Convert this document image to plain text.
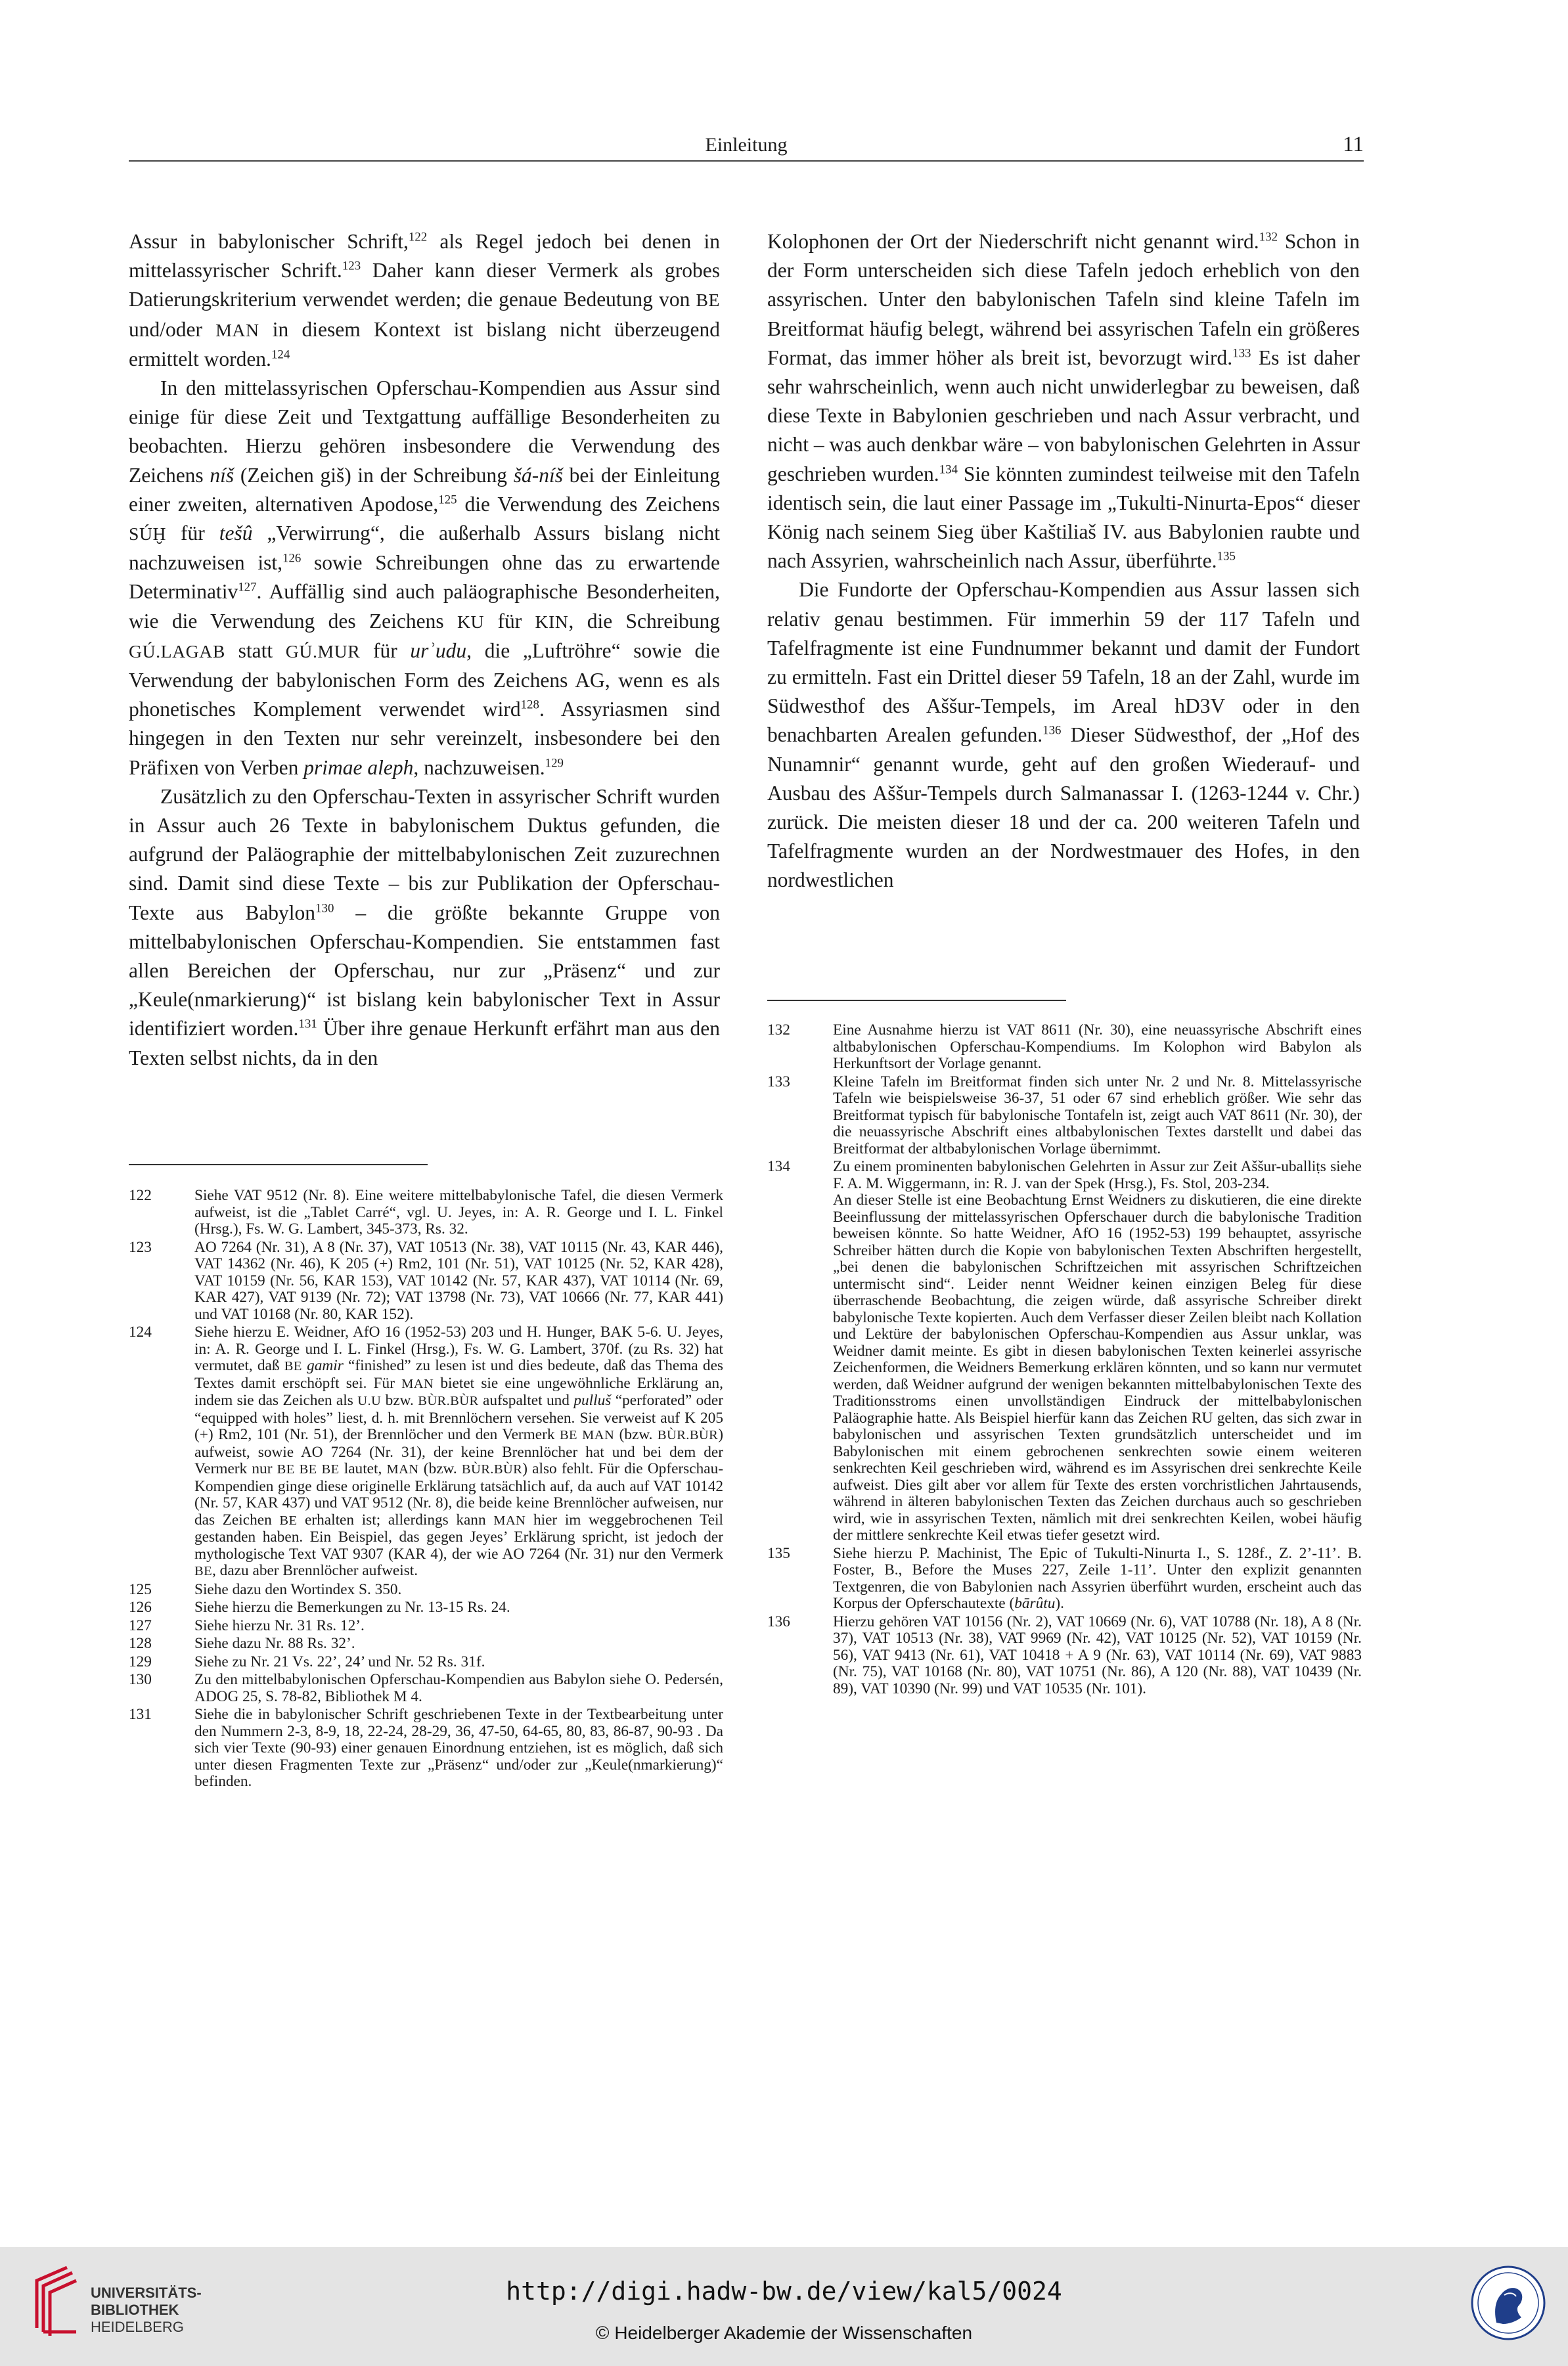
Einleitung	11

Assur in babylonischer Schrift,$^{122}$ als Regel jedoch bei denen in mittelassyrischer Schrift.$^{123}$ Daher kann dieser Vermerk als grobes Datierungskriterium verwendet werden; die genaue Bedeutung von BE und/oder MAN in diesem Kontext ist bislang nicht überzeugend ermittelt worden.$^{124}$

In den mittelassyrischen Opferschau-Kompendien aus Assur sind einige für diese Zeit und Textgattung auffällige Besonderheiten zu beobachten. Hierzu gehören insbesondere die Verwendung des Zeichens níš (Zeichen giš) in der Schreibung šá-níš bei der Einleitung einer zweiten, alternativen Apodose,$^{125}$ die Verwendung des Zeichens SÚḪ für tešû „Verwirrung“, die außerhalb Assurs bislang nicht nachzuweisen ist,$^{126}$ sowie Schreibungen ohne das zu erwartende Determinativ$^{127}$. Auffällig sind auch paläographische Besonderheiten, wie die Verwendung des Zeichens KU für KIN, die Schreibung GÚ.LAGAB statt GÚ.MUR für urʾudu, die „Luftröhre“ sowie die Verwendung der babylonischen Form des Zeichens AG, wenn es als phonetisches Komplement verwendet wird$^{128}$. Assyriasmen sind hingegen in den Texten nur sehr vereinzelt, insbesondere bei den Präfixen von Verben primae aleph, nachzuweisen.$^{129}$

Zusätzlich zu den Opferschau-Texten in assyrischer Schrift wurden in Assur auch 26 Texte in babylonischem Duktus gefunden, die aufgrund der Paläographie der mittelbabylonischen Zeit zuzurechnen sind. Damit sind diese Texte – bis zur Publikation der Opferschau-Texte aus Babylon$^{130}$ – die größte bekannte Gruppe von mittelbabylonischen Opferschau-Kompendien. Sie entstammen fast allen Bereichen der Opferschau, nur zur „Präsenz“ und zur „Keule(nmarkierung)“ ist bislang kein babylonischer Text in Assur identifiziert worden.$^{131}$ Über ihre genaue Herkunft erfährt man aus den Texten selbst nichts, da in den

Kolophonen der Ort der Niederschrift nicht genannt wird.$^{132}$ Schon in der Form unterscheiden sich diese Tafeln jedoch erheblich von den assyrischen. Unter den babylonischen Tafeln sind kleine Tafeln im Breitformat häufig belegt, während bei assyrischen Tafeln ein größeres Format, das immer höher als breit ist, bevorzugt wird.$^{133}$ Es ist daher sehr wahrscheinlich, wenn auch nicht unwiderlegbar zu beweisen, daß diese Texte in Babylonien geschrieben und nach Assur verbracht, und nicht – was auch denkbar wäre – von babylonischen Gelehrten in Assur geschrieben wurden.$^{134}$ Sie könnten zumindest teilweise mit den Tafeln identisch sein, die laut einer Passage im „Tukulti-Ninurta-Epos“ dieser König nach seinem Sieg über Kaštiliaš IV. aus Babylonien raubte und nach Assyrien, wahrscheinlich nach Assur, überführte.$^{135}$

Die Fundorte der Opferschau-Kompendien aus Assur lassen sich relativ genau bestimmen. Für immerhin 59 der 117 Tafeln und Tafelfragmente ist eine Fundnummer bekannt und damit der Fundort zu ermitteln. Fast ein Drittel dieser 59 Tafeln, 18 an der Zahl, wurde im Südwesthof des Aššur-Tempels, im Areal hD3V oder in den benachbarten Arealen gefunden.$^{136}$ Dieser Südwesthof, der „Hof des Nunamnir“ genannt wurde, geht auf den großen Wiederauf- und Ausbau des Aššur-Tempels durch Salmanassar I. (1263-1244 v. Chr.) zurück. Die meisten dieser 18 und der ca. 200 weiteren Tafeln und Tafelfragmente wurden an der Nordwestmauer des Hofes, in den nordwestlichen

122	Siehe VAT 9512 (Nr. 8). Eine weitere mittelbabylonische Tafel, die diesen Vermerk aufweist, ist die „Tablet Carré“, vgl. U. Jeyes, in: A. R. George und I. L. Finkel (Hrsg.), Fs. W. G. Lambert, 345-373, Rs. 32.

123	AO 7264 (Nr. 31), A 8 (Nr. 37), VAT 10513 (Nr. 38), VAT 10115 (Nr. 43, KAR 446), VAT 14362 (Nr. 46), K 205 (+) Rm2, 101 (Nr. 51), VAT 10125 (Nr. 52, KAR 428), VAT 10159 (Nr. 56, KAR 153), VAT 10142 (Nr. 57, KAR 437), VAT 10114 (Nr. 69, KAR 427), VAT 9139 (Nr. 72); VAT 13798 (Nr. 73), VAT 10666 (Nr. 77, KAR 441) und VAT 10168 (Nr. 80, KAR 152).

124	Siehe hierzu E. Weidner, AfO 16 (1952-53) 203 und H. Hunger, BAK 5-6. U. Jeyes, in: A. R. George und I. L. Finkel (Hrsg.), Fs. W. G. Lambert, 370f. (zu Rs. 32) hat vermutet, daß BE gamir “finished” zu lesen ist und dies bedeute, daß das Thema des Textes damit erschöpft sei. Für MAN bietet sie eine ungewöhnliche Erklärung an, indem sie das Zeichen als U.U bzw. BÙR.BÙR aufspaltet und pulluš “perforated” oder “equipped with holes” liest, d. h. mit Brennlöchern versehen. Sie verweist auf K 205 (+) Rm2, 101 (Nr. 51), der Brennlöcher und den Vermerk BE MAN (bzw. BÙR.BÙR) aufweist, sowie AO 7264 (Nr. 31), der keine Brennlöcher hat und bei dem der Vermerk nur BE BE BE lautet, MAN (bzw. BÙR.BÙR) also fehlt. Für die Opferschau-Kompendien ginge diese originelle Erklärung tatsächlich auf, da auch auf VAT 10142 (Nr. 57, KAR 437) und VAT 9512 (Nr. 8), die beide keine Brennlöcher aufweisen, nur das Zeichen BE erhalten ist; allerdings kann MAN hier im weggebrochenen Teil gestanden haben. Ein Beispiel, das gegen Jeyes’ Erklärung spricht, ist jedoch der mythologische Text VAT 9307 (KAR 4), der wie AO 7264 (Nr. 31) nur den Vermerk BE, dazu aber Brennlöcher aufweist.

125	Siehe dazu den Wortindex S. 350.

126	Siehe hierzu die Bemerkungen zu Nr. 13-15 Rs. 24.

127	Siehe hierzu Nr. 31 Rs. 12’.

128	Siehe dazu Nr. 88 Rs. 32’.

129	Siehe zu Nr. 21 Vs. 22’, 24’ und Nr. 52 Rs. 31f.

130	Zu den mittelbabylonischen Opferschau-Kompendien aus Babylon siehe O. Pedersén, ADOG 25, S. 78-82, Bibliothek M 4.

131	Siehe die in babylonischer Schrift geschriebenen Texte in der Textbearbeitung unter den Nummern 2-3, 8-9, 18, 22-24, 28-29, 36, 47-50, 64-65, 80, 83, 86-87, 90-93 . Da sich vier Texte (90-93) einer genauen Einordnung entziehen, ist es möglich, daß sich unter diesen Fragmenten Texte zur „Präsenz“ und/oder zur „Keule(nmarkierung)“ befinden.

132	Eine Ausnahme hierzu ist VAT 8611 (Nr. 30), eine neuassyrische Abschrift eines altbabylonischen Opferschau-Kompendiums. Im Kolophon wird Babylon als Herkunftsort der Vorlage genannt.

133	Kleine Tafeln im Breitformat finden sich unter Nr. 2 und Nr. 8. Mittelassyrische Tafeln wie beispielsweise 36-37, 51 oder 67 sind erheblich größer. Wie sehr das Breitformat typisch für babylonische Tontafeln ist, zeigt auch VAT 8611 (Nr. 30), der die neuassyrische Abschrift eines altbabylonischen Textes darstellt und dabei das Breitformat der altbabylonischen Vorlage übernimmt.

134	Zu einem prominenten babylonischen Gelehrten in Assur zur Zeit Aššur-uballiṭs siehe F. A. M. Wiggermann, in: R. J. van der Spek (Hrsg.), Fs. Stol, 203-234.

An dieser Stelle ist eine Beobachtung Ernst Weidners zu diskutieren, die eine direkte Beeinflussung der mittelassyrischen Opferschauer durch die babylonische Tradition beweisen könnte. So hatte Weidner, AfO 16 (1952-53) 199 behauptet, assyrische Schreiber hätten durch die Kopie von babylonischen Texten Abschriften hergestellt, „bei denen die babylonischen Schriftzeichen mit assyrischen Schriftzeichen untermischt sind“. Leider nennt Weidner keinen einzigen Beleg für diese überraschende Beobachtung, die zeigen würde, daß assyrische Schreiber direkt babylonische Texte kopierten. Auch dem Verfasser dieser Zeilen bleibt nach Kollation und Lektüre der babylonischen Opferschau-Kompendien aus Assur unklar, was Weidner damit meinte. Es gibt in diesen babylonischen Texten keinerlei assyrische Zeichenformen, die Weidners Bemerkung erklären könnten, und so kann nur vermutet werden, daß Weidner aufgrund der wenigen bekannten mittelbabylonischen Texte des Traditionsstroms einen unvollständigen Eindruck der mittelbabylonischen Paläographie hatte. Als Beispiel hierfür kann das Zeichen RU gelten, das sich zwar in babylonischen und assyrischen Texten grundsätzlich unterscheidet und im Babylonischen mit einem gebrochenen senkrechten sowie einem weiteren senkrechten Keil geschrieben wird, während es im Assyrischen drei senkrechte Keile aufweist. Dies gilt aber vor allem für Texte des ersten vorchristlichen Jahrtausends, während in älteren babylonischen Texten das Zeichen durchaus auch so geschrieben wird, wie in assyrischen Texten, nämlich mit drei senkrechten Keilen, wobei häufig der mittlere senkrechte Keil etwas tiefer gesetzt wird.

135	Siehe hierzu P. Machinist, The Epic of Tukulti-Ninurta I., S. 128f., Z. 2’-11’. B. Foster, B., Before the Muses 227, Zeile 1-11’. Unter den explizit genannten Textgenren, die von Babylonien nach Assyrien überführt wurden, erscheint auch das Korpus der Opferschautexte (bārûtu).

136	Hierzu gehören VAT 10156 (Nr. 2), VAT 10669 (Nr. 6), VAT 10788 (Nr. 18), A 8 (Nr. 37), VAT 10513 (Nr. 38), VAT 9969 (Nr. 42), VAT 10125 (Nr. 52), VAT 10159 (Nr. 56), VAT 9413 (Nr. 61), VAT 10418 + A 9 (Nr. 63), VAT 10114 (Nr. 69), VAT 9883 (Nr. 75), VAT 10168 (Nr. 80), VAT 10751 (Nr. 86), A 120 (Nr. 88), VAT 10439 (Nr. 89), VAT 10390 (Nr. 99) und VAT 10535 (Nr. 101).

UNIVERSITÄTS-
BIBLIOTHEK
HEIDELBERG
http://digi.hadw-bw.de/view/kal5/0024
© Heidelberger Akademie der Wissenschaften
